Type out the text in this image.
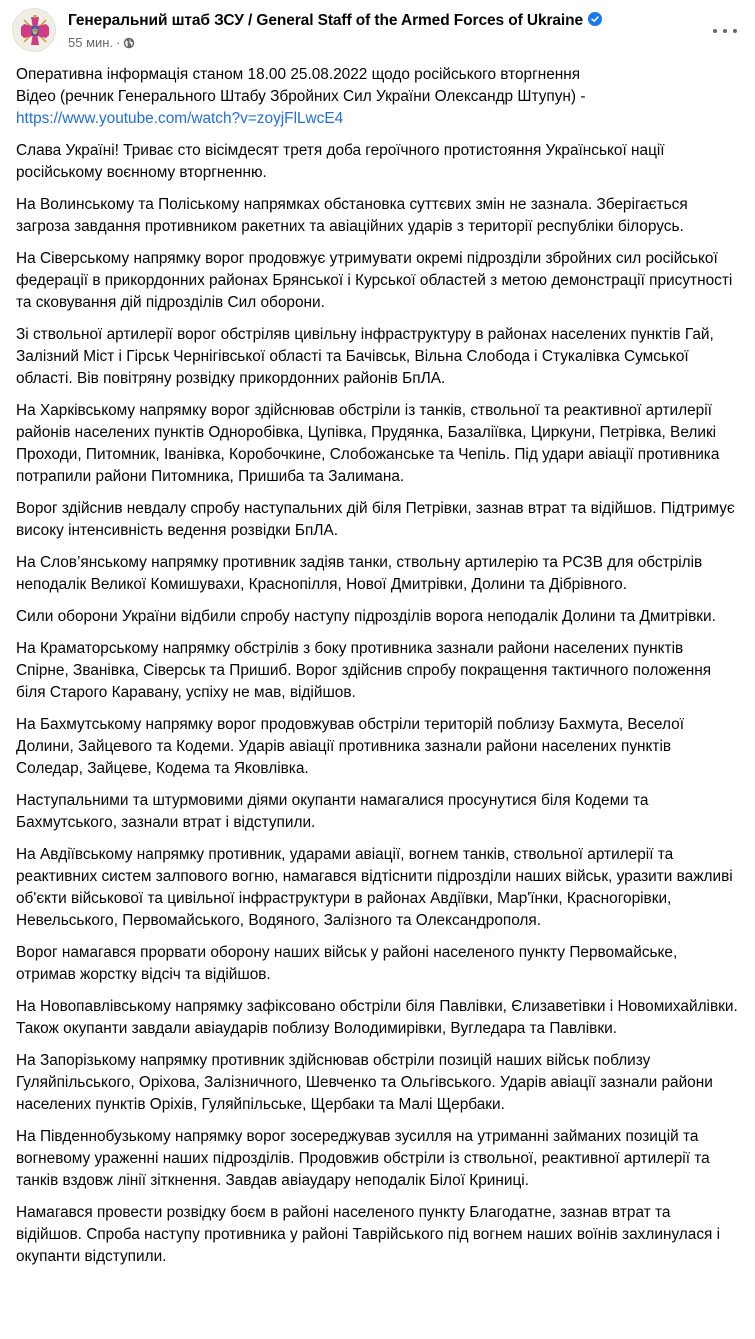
Генеральний штаб ЗСУ / General Staff of the Armed Forces of Ukraine
55 мин. ·

Оперативна інформація станом 18.00 25.08.2022 щодо російського вторгнення
Відео (речник Генерального Штабу Збройних Сил України Олександр Штупун) -
https://www.youtube.com/watch?v=zoyjFlLwcE4

Слава Україні! Триває сто вісімдесят третя доба героїчного протистояння Української нації російському воєнному вторгненню.

На Волинському та Поліському напрямках обстановка суттєвих змін не зазнала. Зберігається загроза завдання противником ракетних та авіаційних ударів з території республіки білорусь.

На Сіверському напрямку ворог продовжує утримувати окремі підрозділи збройних сил російської федерації в прикордонних районах Брянської і Курської областей з метою демонстрації присутності та сковування дій підрозділів Сил оборони.

Зі ствольної артилерії ворог обстріляв цивільну інфраструктуру в районах населених пунктів Гай, Залізний Міст і Гірськ Чернігівської області та Бачівськ, Вільна Слобода і Стукалівка Сумської області. Вів повітряну розвідку прикордонних районів БпЛА.

На Харківському напрямку ворог здійснював обстріли із танків, ствольної та реактивної артилерії районів населених пунктів Одноробівка, Цупівка, Прудянка, Базаліївка, Циркуни, Петрівка, Великі Проходи, Питомник, Іванівка, Коробочкине, Слобожанське та Чепіль. Під удари авіації противника потрапили райони Питомника, Пришиба та Залимана.

Ворог здійснив невдалу спробу наступальних дій біля Петрівки, зазнав втрат та відійшов. Підтримує високу інтенсивність ведення розвідки БпЛА.

На Слов’янському напрямку противник задіяв танки, ствольну артилерію та РСЗВ для обстрілів неподалік Великої Комишувахи, Краснопілля, Нової Дмитрівки, Долини та Дібрівного.

Сили оборони України відбили спробу наступу підрозділів ворога неподалік Долини та Дмитрівки.

На Краматорському напрямку обстрілів з боку противника зазнали райони населених пунктів Спірне, Званівка, Сіверськ та Пришиб. Ворог здійснив спробу покращення тактичного положення біля Старого Каравану, успіху не мав, відійшов.

На Бахмутському напрямку ворог продовжував обстріли територій поблизу Бахмута, Веселої Долини, Зайцевого та Кодеми. Ударів авіації противника зазнали райони населених пунктів Соледар, Зайцеве, Кодема та Яковлівка.

Наступальними та штурмовими діями окупанти намагалися просунутися біля Кодеми та Бахмутського, зазнали втрат і відступили.

На Авдіївському напрямку противник, ударами авіації, вогнем танків, ствольної артилерії та реактивних систем залпового вогню, намагався відтіснити підрозділи наших військ, уразити важливі об'єкти військової та цивільної інфраструктури в районах Авдіївки, Мар'їнки, Красногорівки, Невельського, Первомайського, Водяного, Залізного та Олександрополя.

Ворог намагався прорвати оборону наших військ у районі населеного пункту Первомайське, отримав жорстку відсіч та відійшов.

На Новопавлівському напрямку зафіксовано обстріли біля Павлівки, Єлизаветівки і Новомихайлівки. Також окупанти завдали авіаударів поблизу Володимирівки, Вугледара та Павлівки.

На Запорізькому напрямку противник здійснював обстріли позицій наших військ поблизу Гуляйпільського, Оріхова, Залізничного, Шевченко та Ольгівського. Ударів авіації зазнали райони населених пунктів Оріхів, Гуляйпільське, Щербаки та Малі Щербаки.

На Південнобузькому напрямку ворог зосереджував зусилля на утриманні займаних позицій та вогневому ураженні наших підрозділів. Продовжив обстріли із ствольної, реактивної артилерії та танків вздовж лінії зіткнення. Завдав авіаудару неподалік Білої Криниці.

Намагався провести розвідку боєм в районі населеного пункту Благодатне, зазнав втрат та відійшов. Спроба наступу противника у районі Таврійського під вогнем наших воїнів захлинулася і окупанти відступили.
